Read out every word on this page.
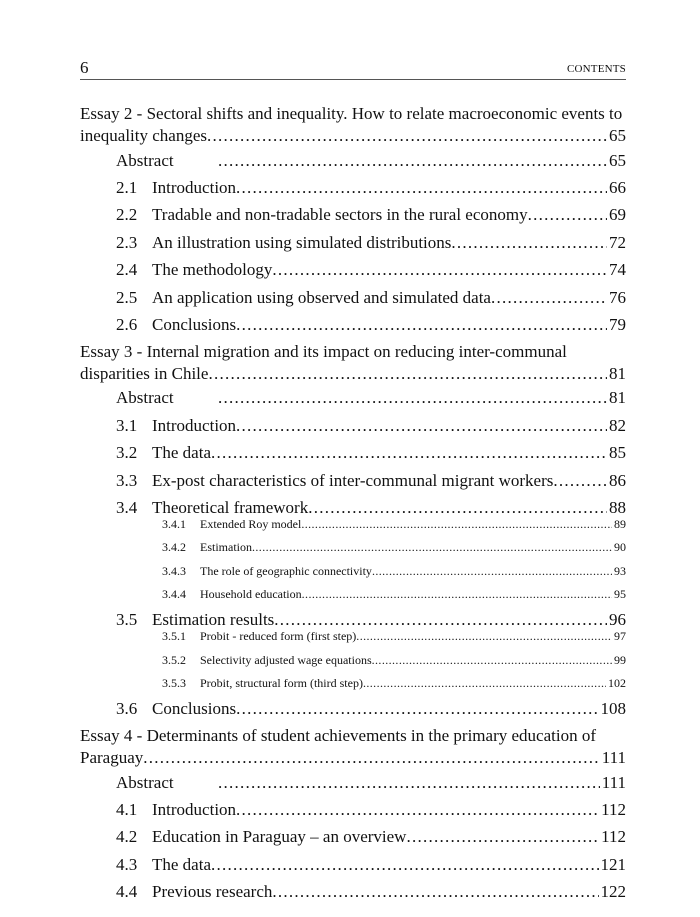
6	CONTENTS
Essay 2 - Sectoral shifts and inequality. How to relate macroeconomic events to
inequality changes . . .	65
Abstract . . .	65
2.1 Introduction . . .	66
2.2 Tradable and non-tradable sectors in the rural economy . . .	69
2.3 An illustration using simulated distributions . . .	72
2.4 The methodology . . .	74
2.5 An application using observed and simulated data . . .	76
2.6 Conclusions . . .	79
Essay 3 - Internal migration and its impact on reducing inter-communal
disparities in Chile . . .	81
Abstract . . .	81
3.1 Introduction . . .	82
3.2 The data . . .	85
3.3 Ex-post characteristics of inter-communal migrant workers . . .	86
3.4 Theoretical framework . . .	88
3.4.1	Extended Roy model . . .	89
3.4.2	Estimation . . .	90
3.4.3	The role of geographic connectivity . . .	93
3.4.4	Household education . . .	95
3.5 Estimation results . . .	96
3.5.1	Probit - reduced form (first step) . . .	97
3.5.2	Selectivity adjusted wage equations . . .	99
3.5.3	Probit, structural form (third step) . . .	102
3.6 Conclusions . . .	108
Essay 4 - Determinants of student achievements in the primary education of
Paraguay . . .	111
Abstract . . .	111
4.1 Introduction . . .	112
4.2 Education in Paraguay – an overview . . .	112
4.3 The data . . .	121
4.4 Previous research . . .	122
